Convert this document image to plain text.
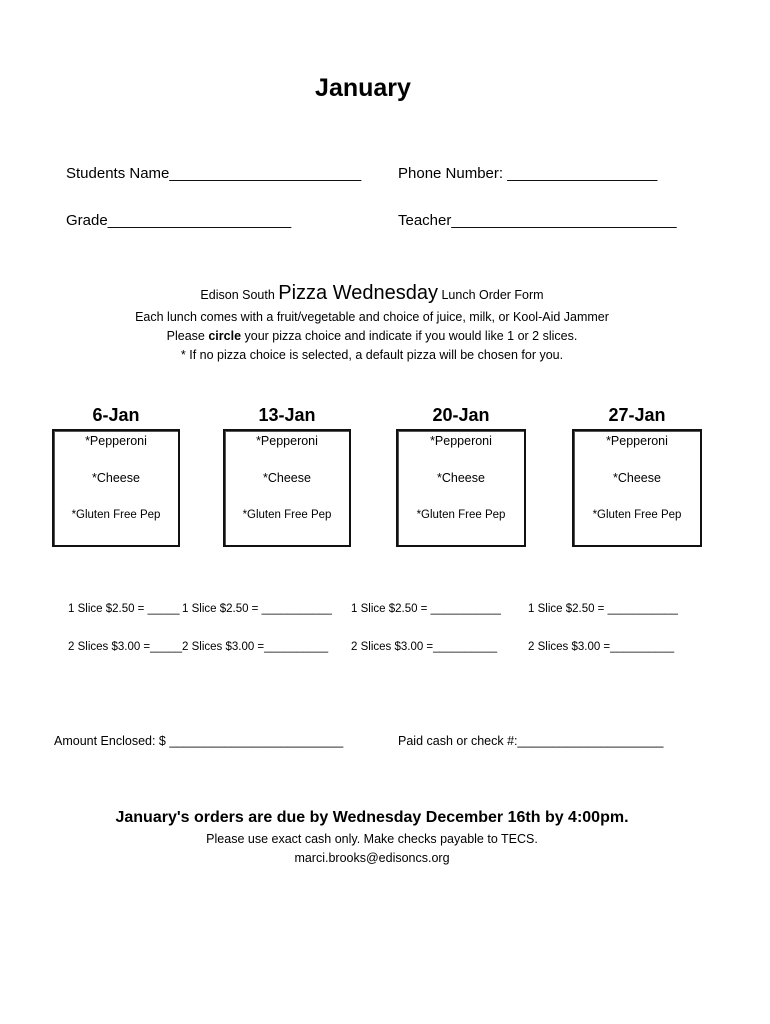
January
Students Name_______________________ Phone Number: __________________
Grade______________________	Teacher___________________________
Edison South Pizza Wednesday Lunch Order Form
Each lunch comes with a fruit/vegetable and choice of juice, milk, or Kool-Aid Jammer
Please circle your pizza choice and indicate if you would like 1 or 2 slices.
* If no pizza choice is selected, a default pizza will be chosen for you.
6-Jan	13-Jan	20-Jan	27-Jan
*Pepperoni
*Cheese
*Gluten Free Pep
*Pepperoni
*Cheese
*Gluten Free Pep
*Pepperoni
*Cheese
*Gluten Free Pep
*Pepperoni
*Cheese
*Gluten Free Pep
1 Slice $2.50 = _____ 1 Slice $2.50 = ___________ 1 Slice $2.50 = ___________ 1 Slice $2.50 = ___________
2 Slices $3.00 =_____ 2 Slices $3.00 =__________ 2 Slices $3.00 =__________	2 Slices $3.00 =__________
Amount Enclosed: $ _________________________	Paid cash or check #:_____________________
January's orders are due by Wednesday December 16th by 4:00pm.
Please use exact cash only. Make checks payable to TECS.
marci.brooks@edisoncs.org
